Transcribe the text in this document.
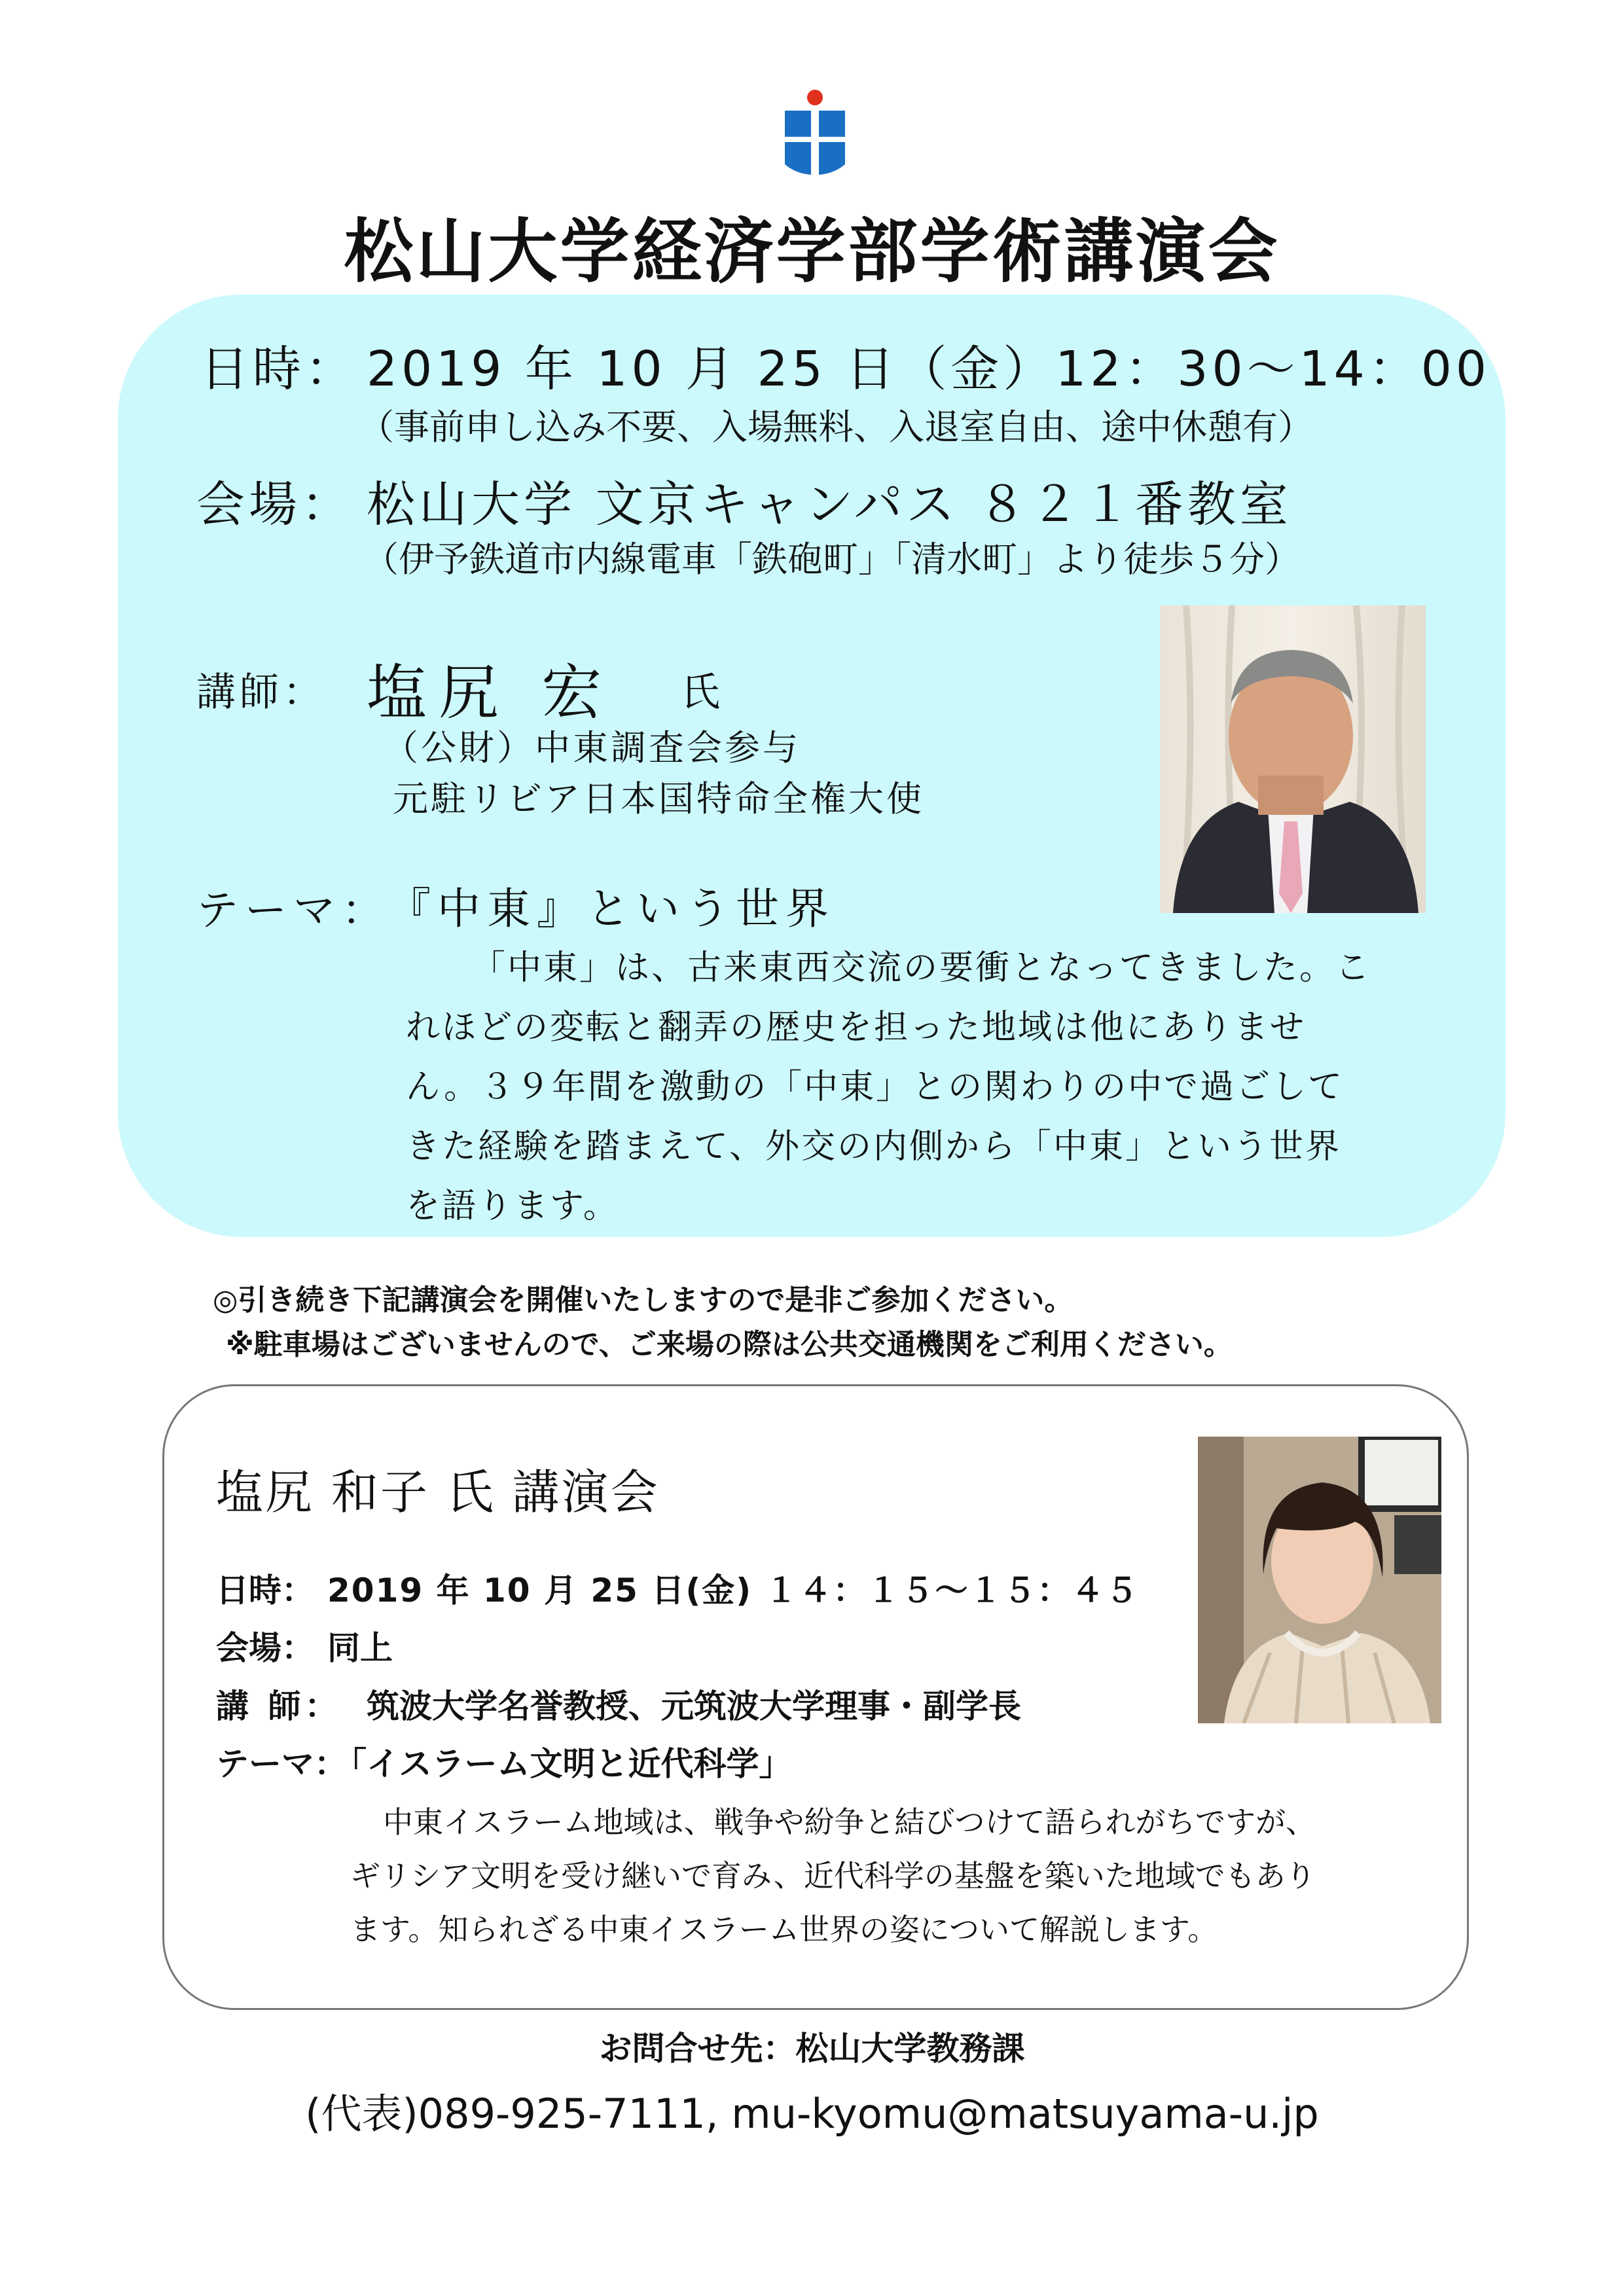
松山大学経済学部学術講演会
日時： 2019 年 10 月 25 日（金）12：30～14：00
（事前申し込み不要、入場無料、入退室自由、途中休憩有）
会場： 松山大学 文京キャンパス ８２１番教室
（伊予鉄道市内線電車「鉄砲町」「清水町」より徒歩５分）
講師： 塩尻 宏 氏
（公財）中東調査会参与
元駐リビア日本国特命全権大使
テーマ：
『中東』という世界
「中東」は、古来東西交流の要衝となってきました。こ
れほどの変転と翻弄の歴史を担った地域は他にありませ
ん。３９年間を激動の「中東」との関わりの中で過ごして
きた経験を踏まえて、外交の内側から「中東」という世界
を語ります。
◎引き続き下記講演会を開催いたしますので是非ご参加ください。
※駐車場はございませんので、ご来場の際は公共交通機関をご利用ください。
塩尻 和子 氏 講演会
日時： 2019 年 10 月 25 日(金) １４：１５～１５：４５
会場： 同上
講 師： 筑波大学名誉教授、元筑波大学理事・副学長
テーマ：
「イスラーム文明と近代科学」
中東イスラーム地域は、戦争や紛争と結びつけて語られがちですが、
ギリシア文明を受け継いで育み、近代科学の基盤を築いた地域でもあり
ます。知られざる中東イスラーム世界の姿について解説します。
お問合せ先：松山大学教務課
(代表)089-925-7111, mu-kyomu@matsuyama-u.jp
